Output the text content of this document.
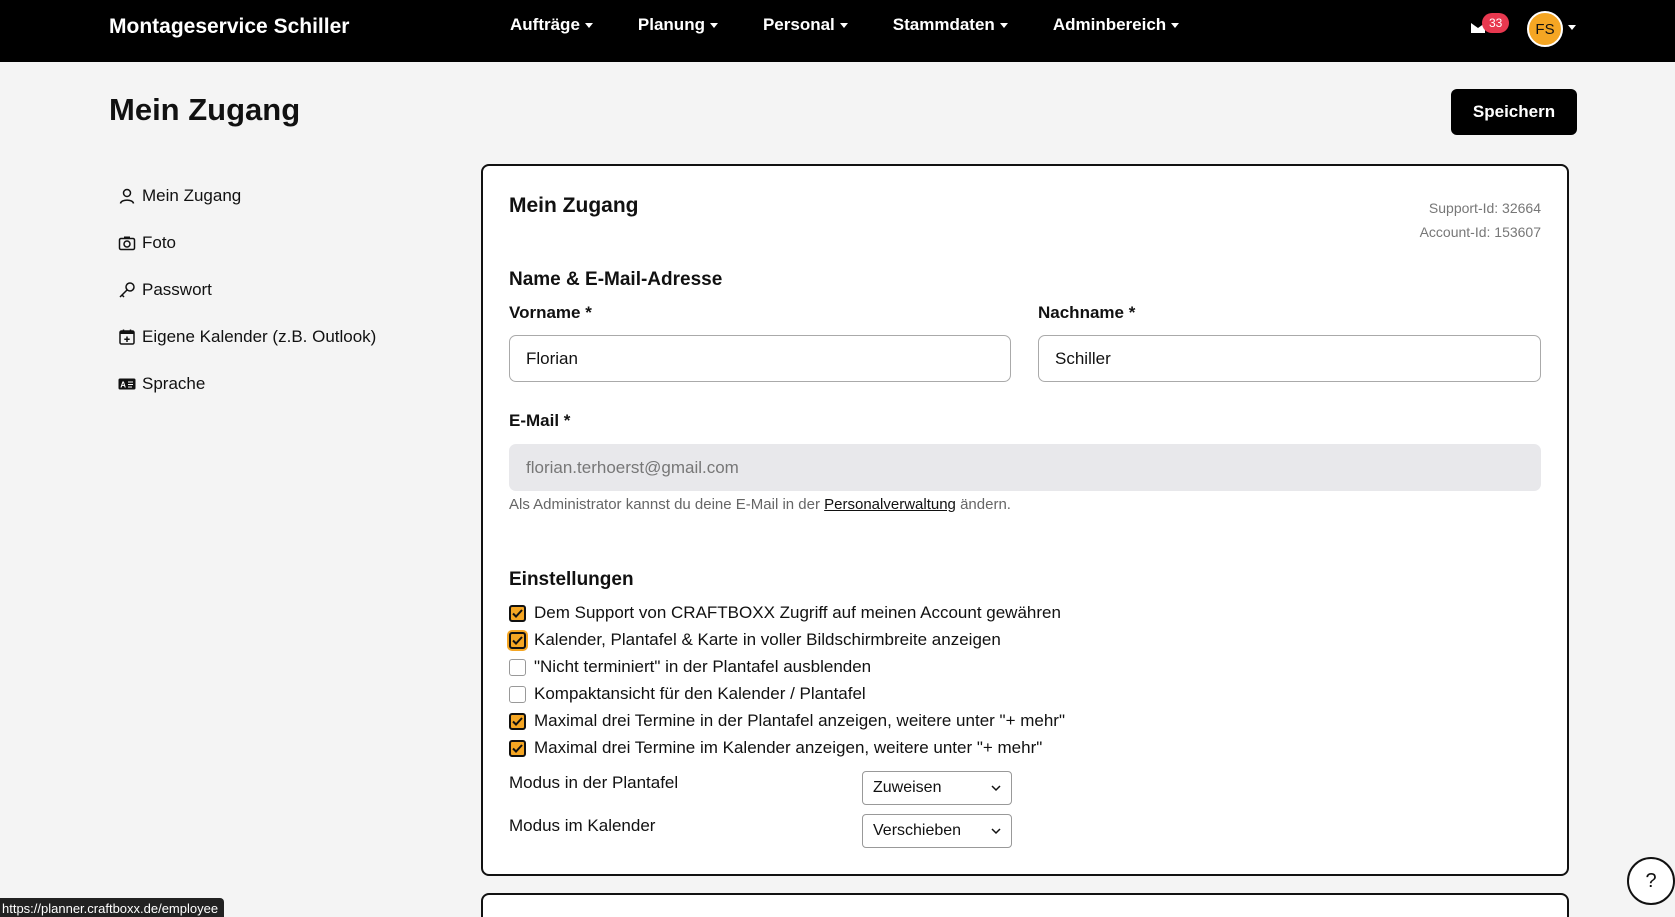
Montageservice Schiller	Aufträge	Planung	Personal	Stammdaten	Adminbereich	33	FS
Mein Zugang	Speichern
Mein Zugang
Foto
Passwort
Eigene Kalender (z.B. Outlook)
A Sprache
Mein Zugang	Support-Id: 32664
Account-Id: 153607
Name & E-Mail-Adresse
Vorname *
Florian	Nachname *
Schiller
E-Mail *
florian.terhoerst@gmail.com
Als Administrator kannst du deine E-Mail in der Personalverwaltung ändern.
Einstellungen
Dem Support von CRAFTBOXX Zugriff auf meinen Account gewähren
Kalender, Plantafel & Karte in voller Bildschirmbreite anzeigen
"Nicht terminiert" in der Plantafel ausblenden
Kompaktansicht für den Kalender / Plantafel
Maximal drei Termine in der Plantafel anzeigen, weitere unter "+ mehr"
Maximal drei Termine im Kalender anzeigen, weitere unter "+ mehr"
Modus in der Plantafel	Zuweisen
Modus im Kalender	Verschieben
https://planner.craftboxx.de/employee
?
